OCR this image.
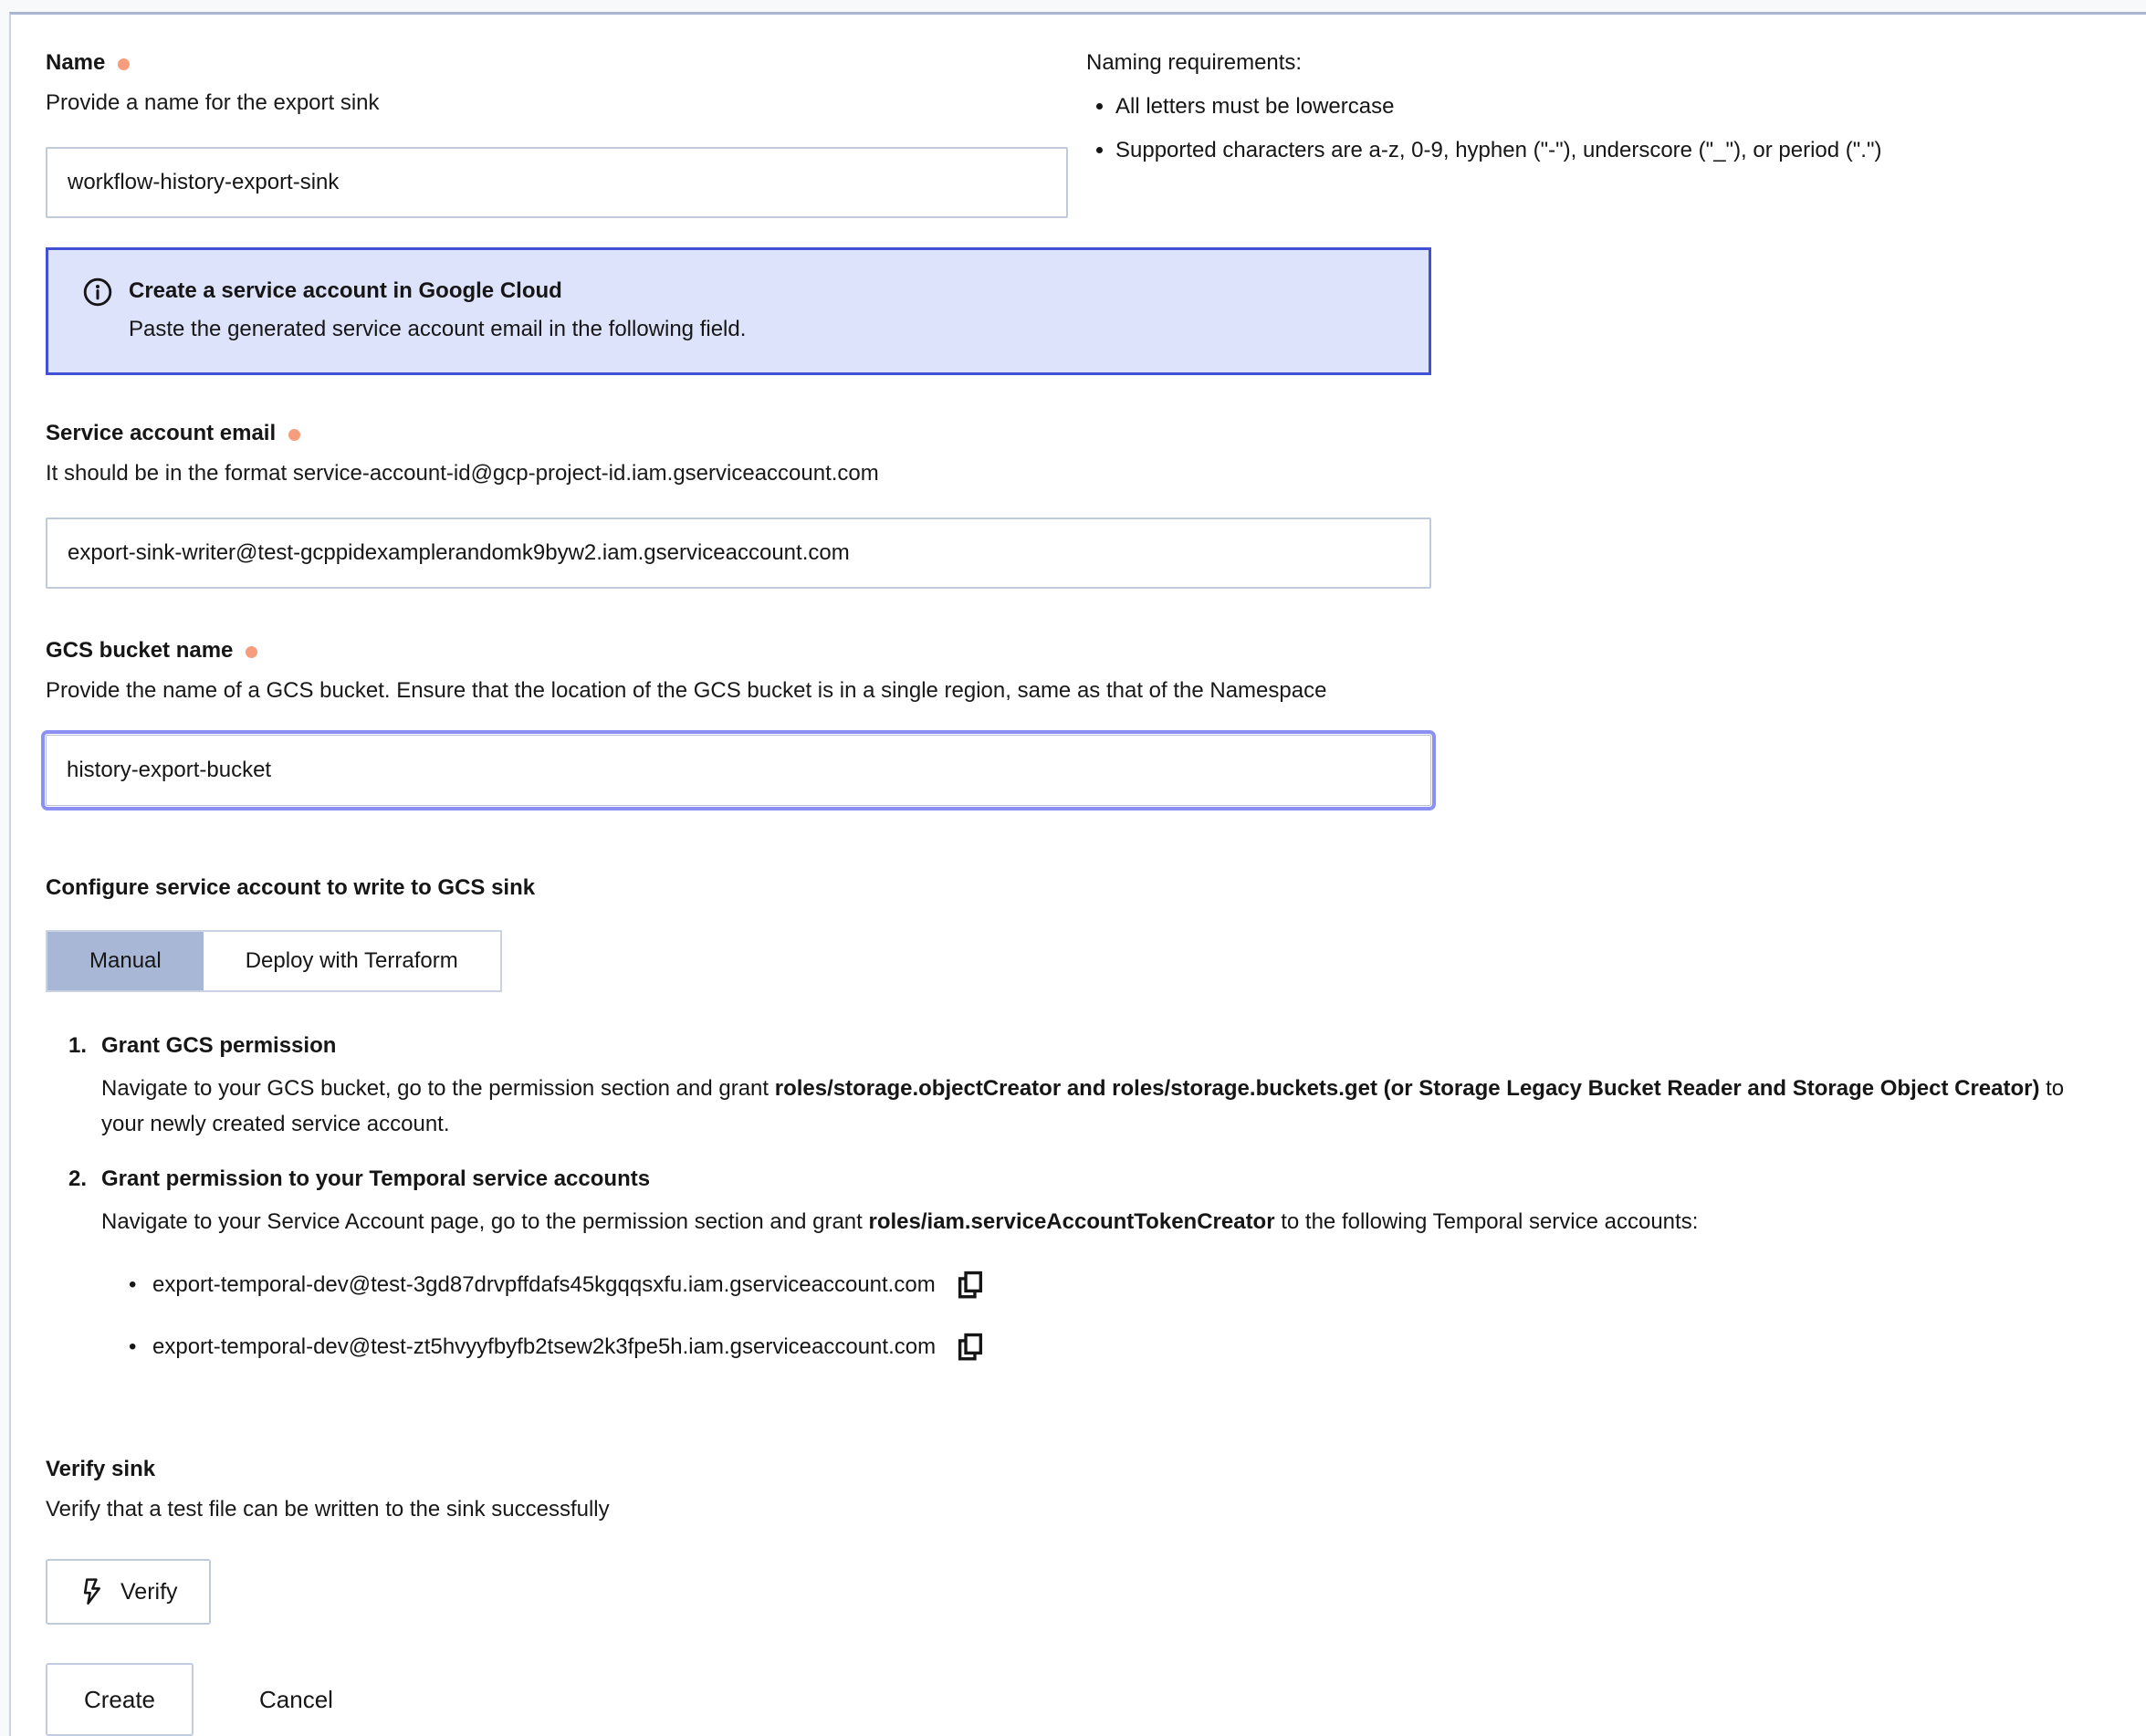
Name
Provide a name for the export sink
workflow-history-export-sink
Naming requirements:
• All letters must be lowercase
• Supported characters are a-z, 0-9, hyphen ("-"), underscore ("_"), or period (".")
Create a service account in Google Cloud
Paste the generated service account email in the following field.
Service account email
It should be in the format service-account-id@gcp-project-id.iam.gserviceaccount.com
export-sink-writer@test-gcppidexamplerandomk9byw2.iam.gserviceaccount.com
GCS bucket name
Provide the name of a GCS bucket. Ensure that the location of the GCS bucket is in a single region, same as that of the Namespace
history-export-bucket
Configure service account to write to GCS sink
Manual	Deploy with Terraform
1. Grant GCS permission
Navigate to your GCS bucket, go to the permission section and grant roles/storage.objectCreator and roles/storage.buckets.get (or Storage Legacy Bucket Reader and Storage Object Creator) to your newly created service account.
2. Grant permission to your Temporal service accounts
Navigate to your Service Account page, go to the permission section and grant roles/iam.serviceAccountTokenCreator to the following Temporal service accounts:
• export-temporal-dev@test-3gd87drvpffdafs45kgqqsxfu.iam.gserviceaccount.com
• export-temporal-dev@test-zt5hvyyfbyfb2tsew2k3fpe5h.iam.gserviceaccount.com
Verify sink
Verify that a test file can be written to the sink successfully
Verify
Create	Cancel
